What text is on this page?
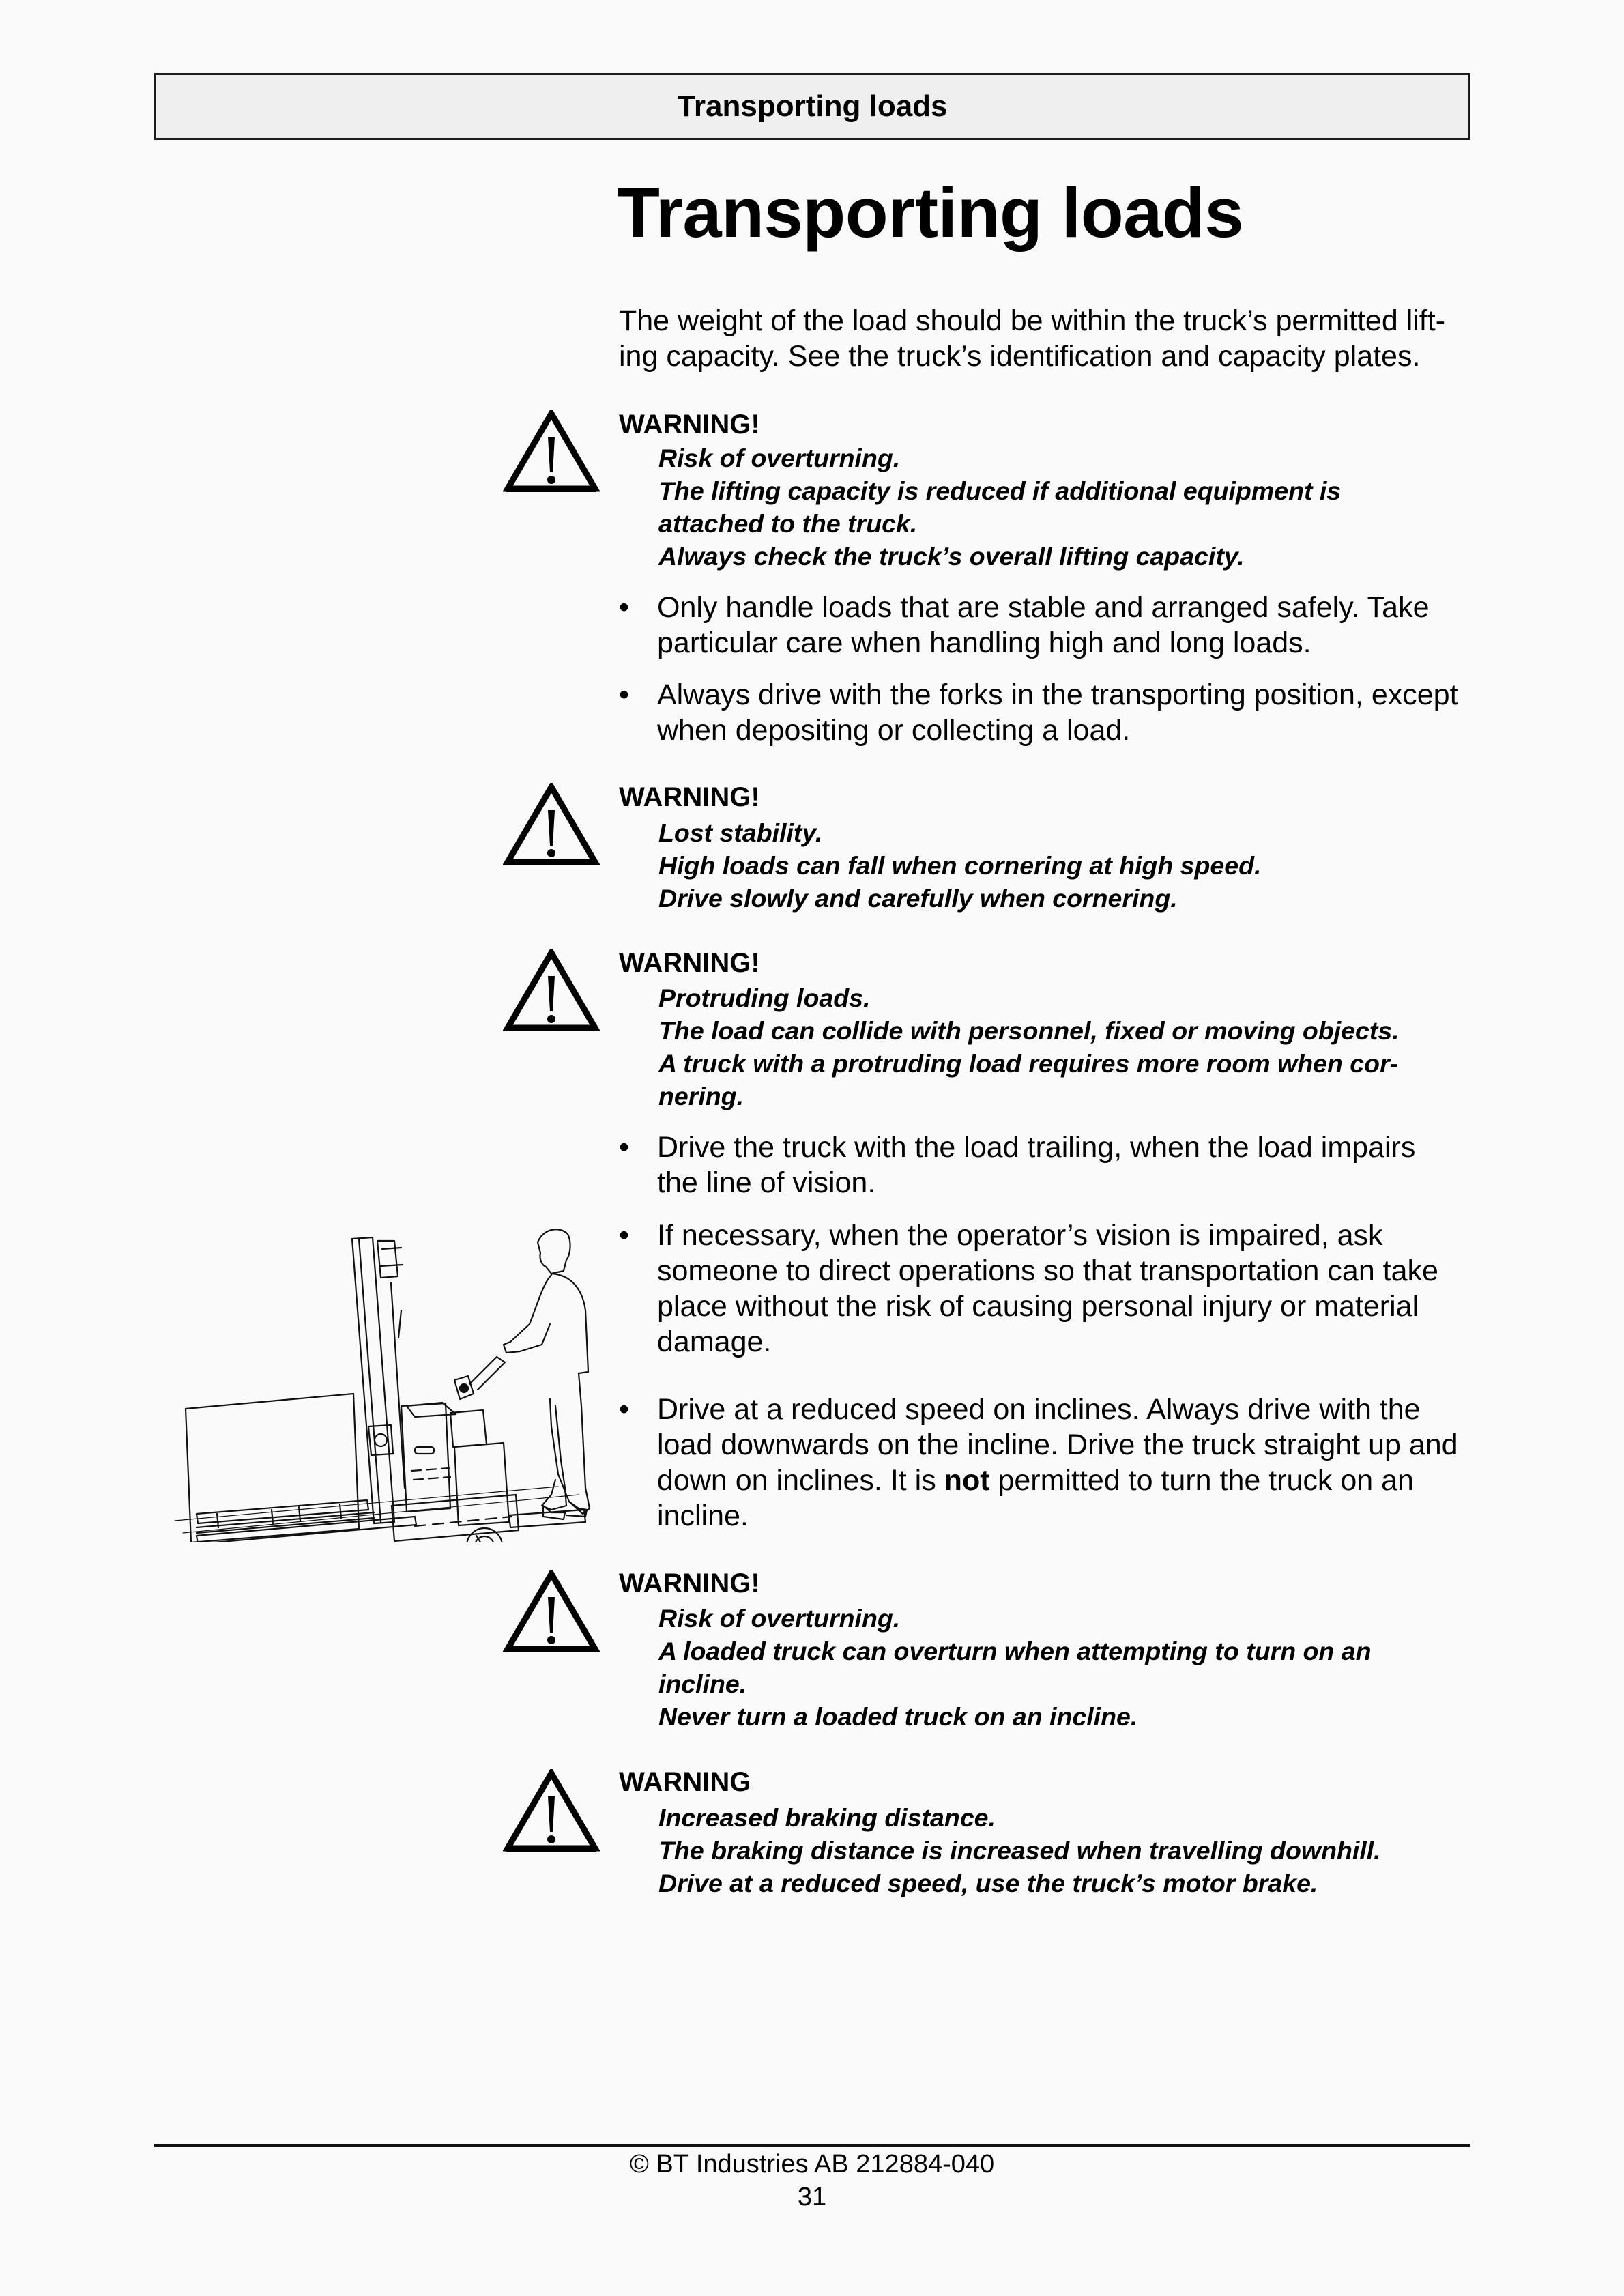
Transporting loads
Transporting loads
The weight of the load should be within the truck’s permitted lift-
ing capacity. See the truck’s identification and capacity plates.
WARNING!
Risk of overturning.
The lifting capacity is reduced if additional equipment is
attached to the truck.
Always check the truck’s overall lifting capacity.
• Only handle loads that are stable and arranged safely. Take
particular care when handling high and long loads.
• Always drive with the forks in the transporting position, except
when depositing or collecting a load.
WARNING!
Lost stability.
High loads can fall when cornering at high speed.
Drive slowly and carefully when cornering.
WARNING!
Protruding loads.
The load can collide with personnel, fixed or moving objects.
A truck with a protruding load requires more room when cor-
nering.
• Drive the truck with the load trailing, when the load impairs
the line of vision.
• If necessary, when the operator’s vision is impaired, ask
someone to direct operations so that transportation can take
place without the risk of causing personal injury or material
damage.
• Drive at a reduced speed on inclines. Always drive with the
load downwards on the incline. Drive the truck straight up and
down on inclines. It is not permitted to turn the truck on an
incline.
WARNING!
Risk of overturning.
A loaded truck can overturn when attempting to turn on an
incline.
Never turn a loaded truck on an incline.
WARNING
Increased braking distance.
The braking distance is increased when travelling downhill.
Drive at a reduced speed, use the truck’s motor brake.
© BT Industries AB 212884-040
31
